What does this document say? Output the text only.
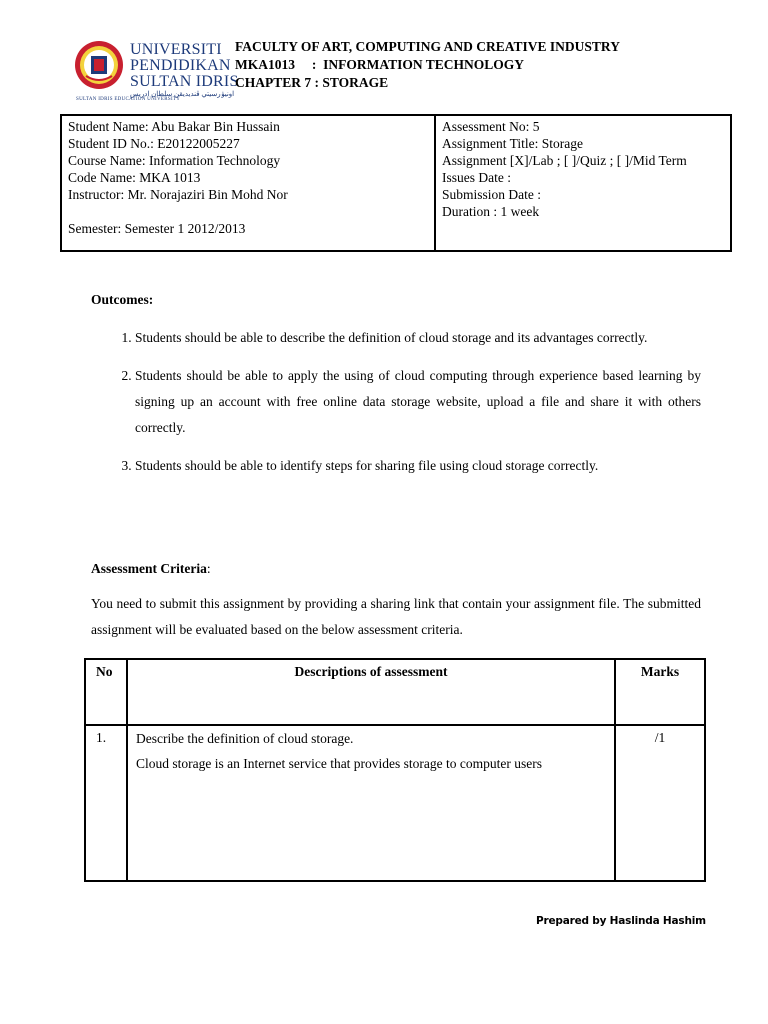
UNIVERSITI
PENDIDIKAN
SULTAN IDRIS
اونيۏرسيتي ڤنديديقن سلطان ادريس
SULTAN IDRIS EDUCATION UNIVERSITY
FACULTY OF ART, COMPUTING AND CREATIVE INDUSTRY
MKA1013     :  INFORMATION TECHNOLOGY
CHAPTER 7 : STORAGE
Student Name: Abu Bakar Bin Hussain
Student ID No.: E20122005227
Course Name: Information Technology
Code Name: MKA 1013
Instructor: Mr. Norajaziri Bin Mohd Nor
Semester: Semester 1 2012/2013

Assessment No: 5
Assignment Title: Storage
Assignment [X]/Lab ; [ ]/Quiz ; [ ]/Mid Term
Issues Date :
Submission Date :
Duration : 1 week
Outcomes:
1. Students should be able to describe the definition of cloud storage and its advantages correctly.
2. Students should be able to apply the using of cloud computing through experience based learning by signing up an account with free online data storage website, upload a file and share it with others correctly.
3. Students should be able to identify steps for sharing file using cloud storage correctly.
Assessment Criteria:
You need to submit this assignment by providing a sharing link that contain your assignment file. The submitted assignment will be evaluated based on the below assessment criteria.
No	Descriptions of assessment	Marks
1.	Describe the definition of cloud storage.
Cloud storage is an Internet service that provides storage to computer users	/1
Prepared by Haslinda Hashim
